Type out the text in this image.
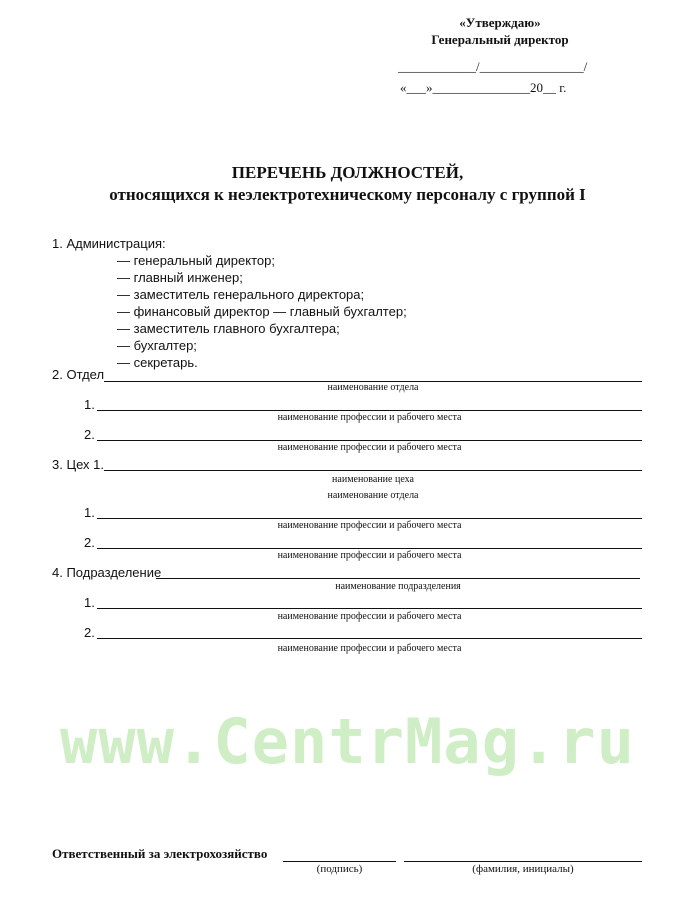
«Утверждаю»
Генеральный директор
____________/________________/
«___»_______________20__ г.
ПЕРЕЧЕНЬ ДОЛЖНОСТЕЙ,
относящихся к неэлектротехническому персоналу с группой I
1. Администрация:
— генеральный директор;
— главный инженер;
— заместитель генерального директора;
— финансовый директор — главный бухгалтер;
— заместитель главного бухгалтера;
— бухгалтер;
— секретарь.
2. Отдел
наименование отдела
1.
наименование профессии и рабочего места
2.
наименование профессии и рабочего места
3. Цех 1.
наименование цеха
наименование отдела
1.
наименование профессии и рабочего места
2.
наименование профессии и рабочего места
4. Подразделение
наименование подразделения
1.
наименование профессии и рабочего места
2.
наименование профессии и рабочего места
www.CentrMag.ru
Ответственный за электрохозяйство
(подпись)	(фамилия, инициалы)
